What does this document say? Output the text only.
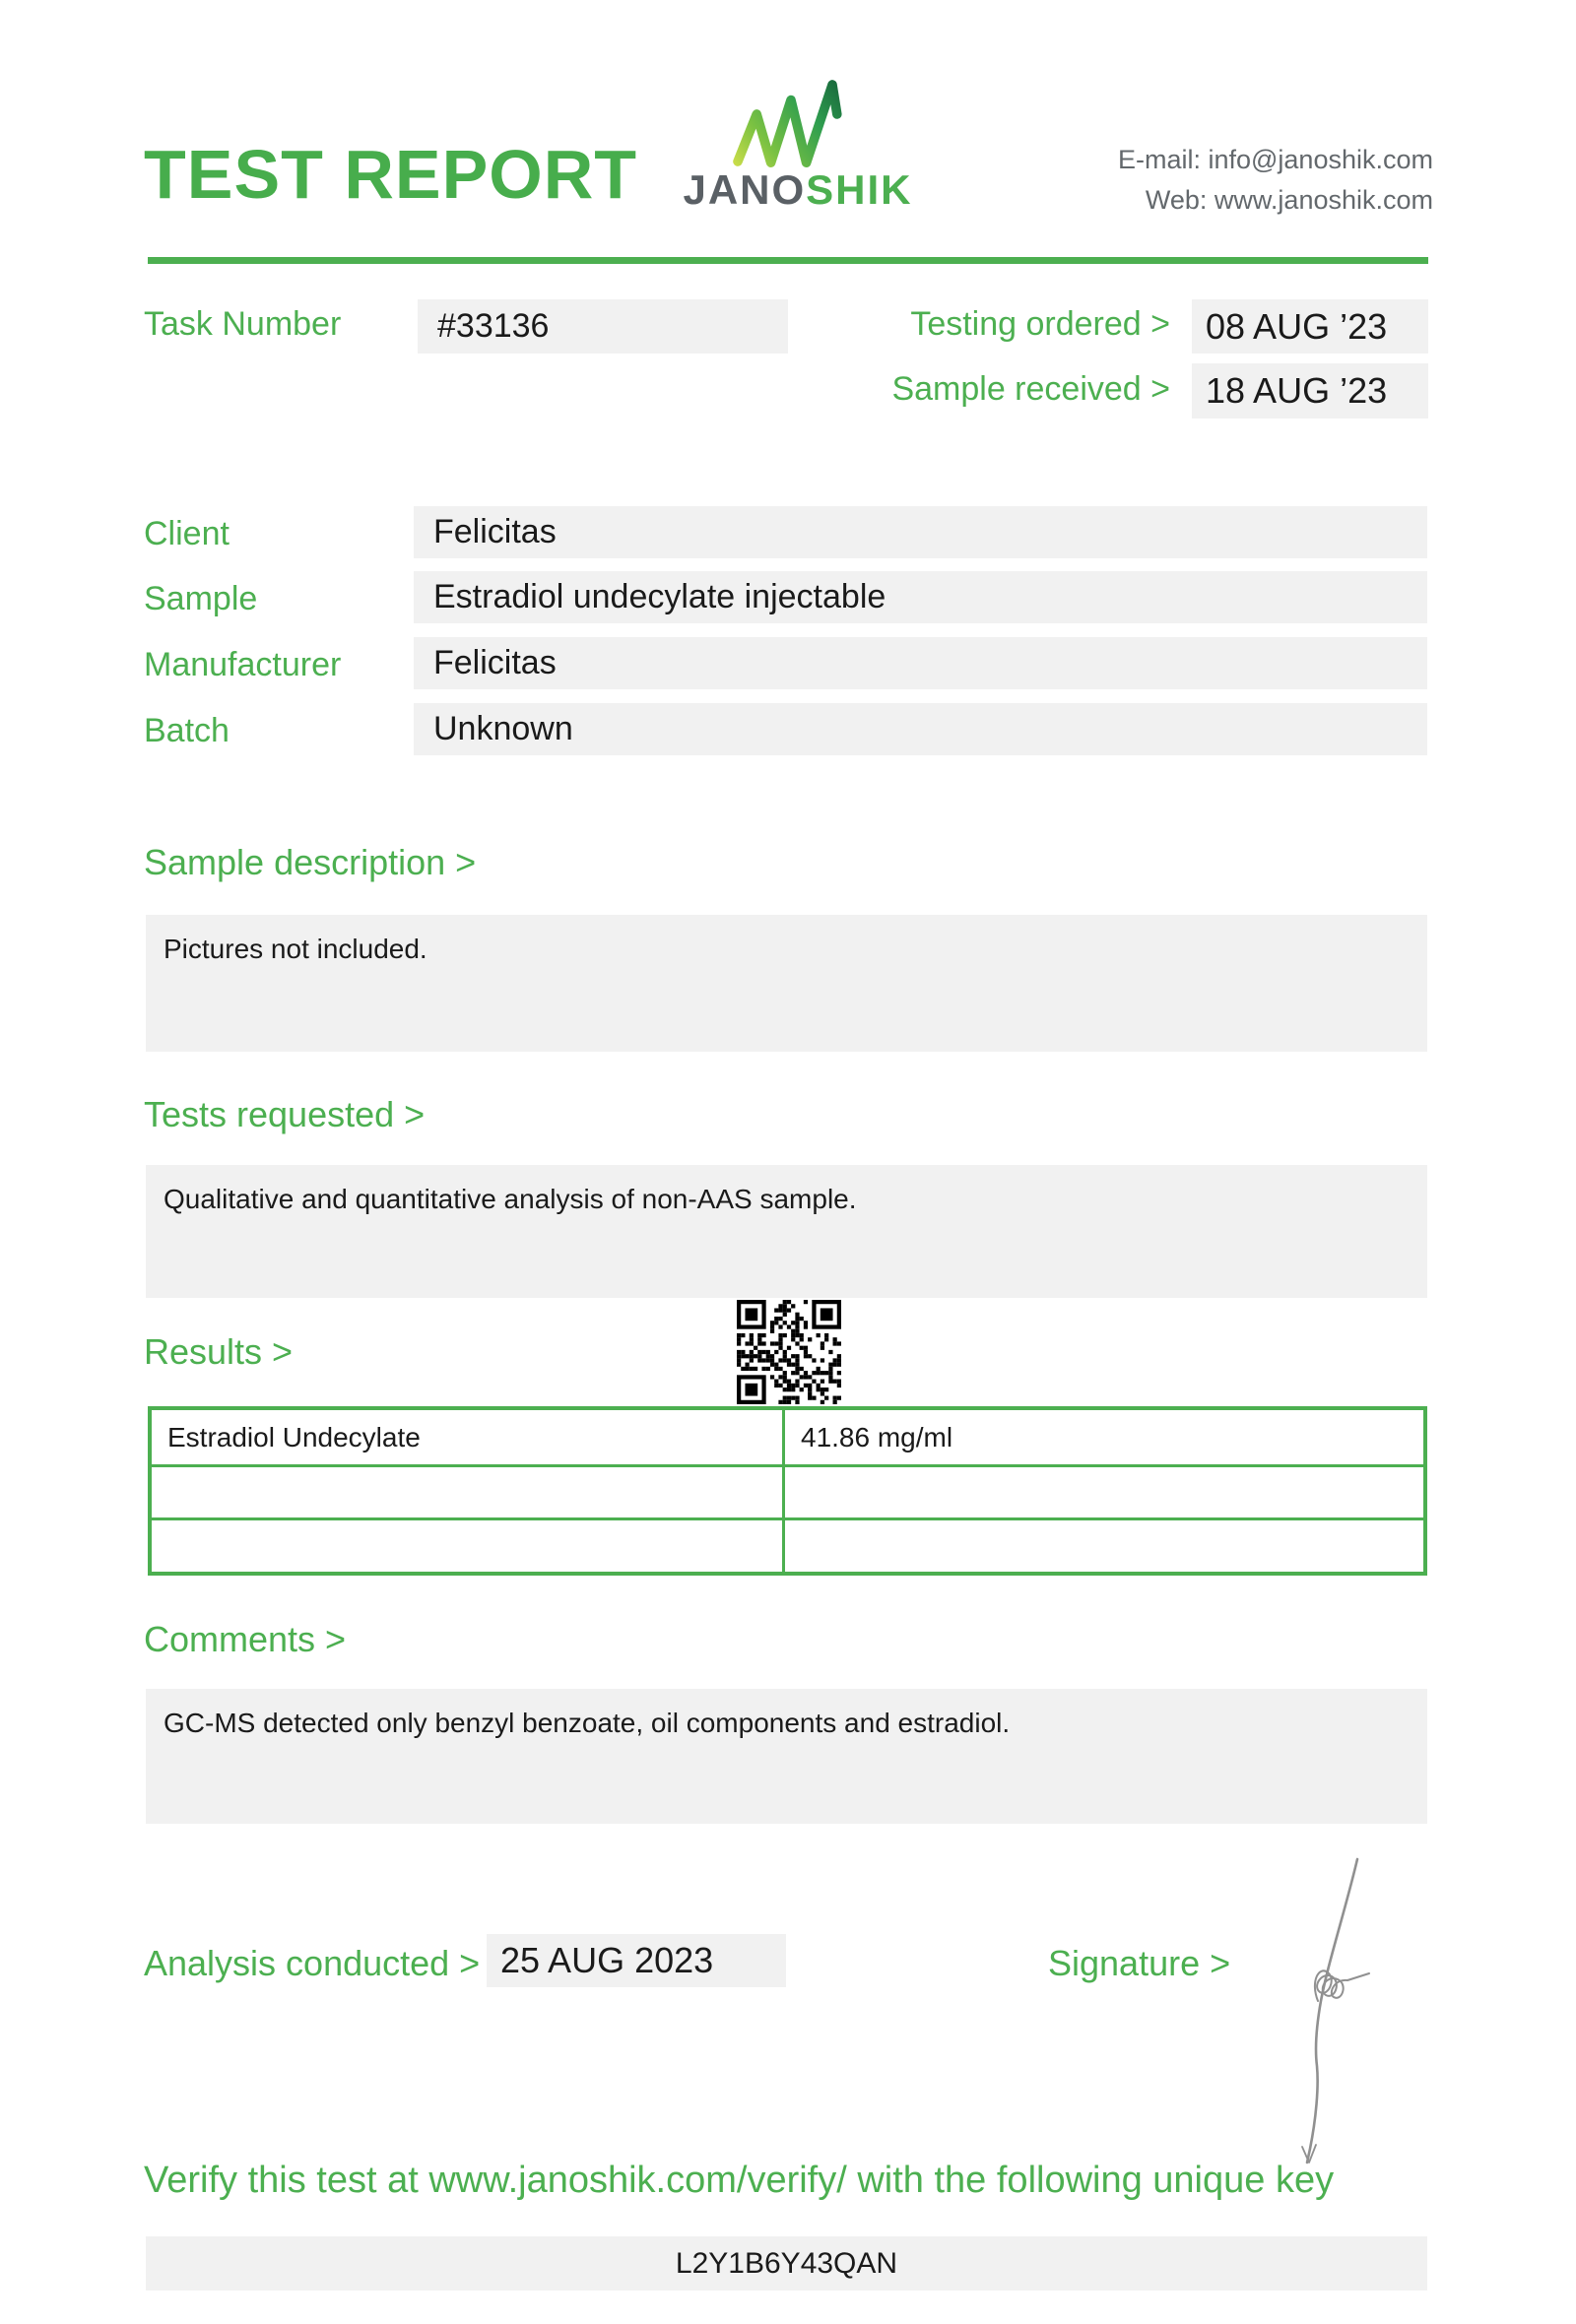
TEST REPORT JANOSHIK
E-mail: info@janoshik.com
Web: www.janoshik.com
Task Number	#33136	Testing ordered >	08 AUG ’23
Sample received >	18 AUG ’23
Client	Felicitas
Sample	Estradiol undecylate injectable
Manufacturer	Felicitas
Batch	Unknown
Sample description >
Pictures not included.
Tests requested >
Qualitative and quantitative analysis of non-AAS sample.
Results >
Estradiol Undecylate	41.86 mg/ml
Comments >
GC-MS detected only benzyl benzoate, oil components and estradiol.
Analysis conducted > 25 AUG 2023	Signature >
Verify this test at www.janoshik.com/verify/ with the following unique key
L2Y1B6Y43QAN
